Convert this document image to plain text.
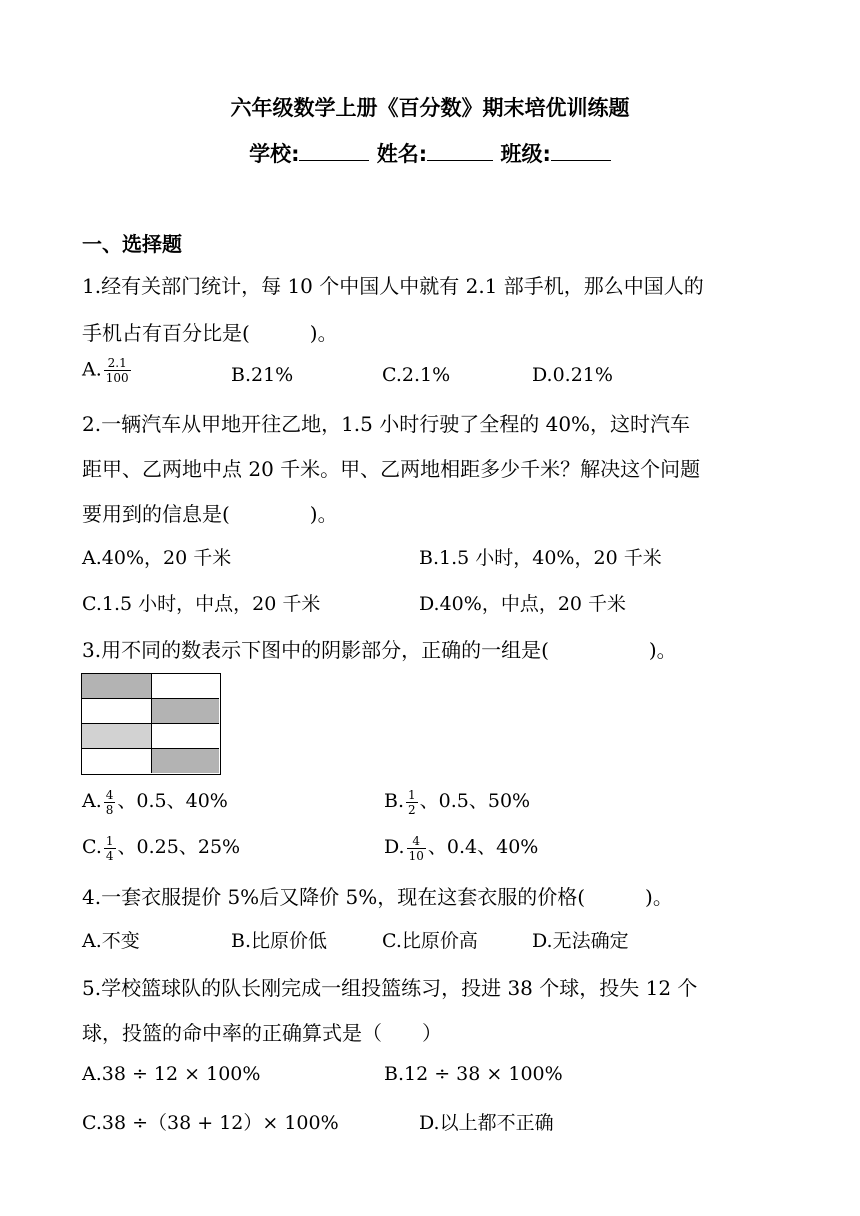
六年级数学上册《百分数》期末培优训练题
学校:	姓名:	班级:
一、选择题
1.经有关部门统计，每 10 个中国人中就有 2.1 部手机，那么中国人的
手机占有百分比是(　　　)。
A. $\frac{2.1}{100}$	B.21%	C.2.1%	D.0.21%
2.一辆汽车从甲地开往乙地，1.5 小时行驶了全程的 40%，这时汽车
距甲、乙两地中点 20 千米。甲、乙两地相距多少千米？解决这个问题
要用到的信息是(　　　　)。
A.40%，20 千米	B.1.5 小时，40%，20 千米
C.1.5 小时，中点，20 千米	D.40%，中点，20 千米
3.用不同的数表示下图中的阴影部分，正确的一组是(　　　　　)。
A. $\frac{4}{8}$ 、0.5、40%	B. $\frac{1}{2}$ 、0.5、50%
C. $\frac{1}{4}$ 、0.25、25%	D. $\frac{4}{10}$ 、0.4、40%
4.一套衣服提价 5%后又降价 5%，现在这套衣服的价格(　　　)。
A.不变	B.比原价低	C.比原价高	D.无法确定
5.学校篮球队的队长刚完成一组投篮练习，投进 38 个球，投失 12 个
球，投篮的命中率的正确算式是（　　）
A.38 ÷ 12 × 100%	B.12 ÷ 38 × 100%
C.38 ÷（38 + 12）× 100%	D.以上都不正确
